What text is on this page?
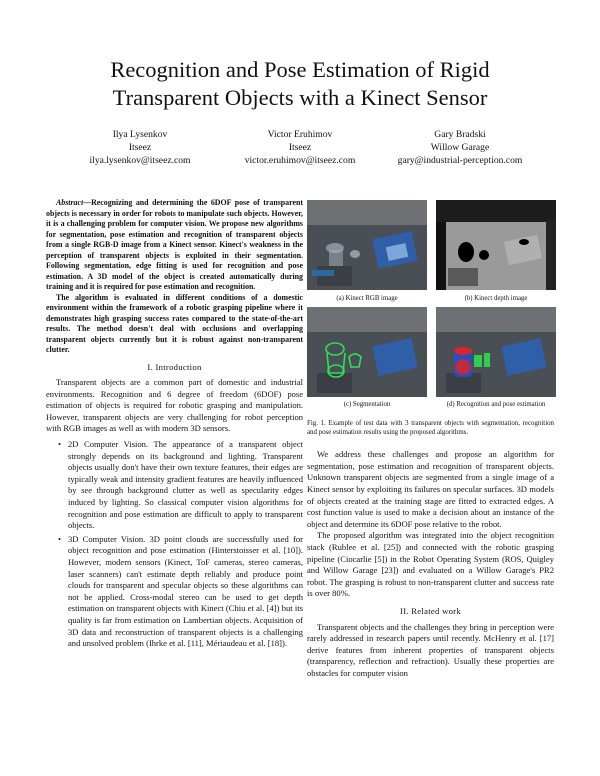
Recognition and Pose Estimation of Rigid
Transparent Objects with a Kinect Sensor
Ilya Lysenkov
Itseez
ilya.lysenkov@itseez.com
Victor Eruhimov
Itseez
victor.eruhimov@itseez.com
Gary Bradski
Willow Garage
gary@industrial-perception.com

Abstract—Recognizing and determining the 6DOF pose of transparent objects is necessary in order for robots to manipulate such objects. However, it is a challenging problem for computer vision. We propose new algorithms for segmentation, pose estimation and recognition of transparent objects from a single RGB-D image from a Kinect sensor. Kinect's weakness in the perception of transparent objects is exploited in their segmentation. Following segmentation, edge fitting is used for recognition and pose estimation. A 3D model of the object is created automatically during training and it is required for pose estimation and recognition.

The algorithm is evaluated in different conditions of a domestic environment within the framework of a robotic grasping pipeline where it demonstrates high grasping success rates compared to the state-of-the-art results. The method doesn't deal with occlusions and overlapping transparent objects currently but it is robust against non-transparent clutter.

I. Introduction

Transparent objects are a common part of domestic and industrial environments. Recognition and 6 degree of freedom (6DOF) pose estimation of objects is required for robotic grasping and manipulation. However, transparent objects are very challenging for robot perception with RGB images as well as with modern 3D sensors.

• 2D Computer Vision. The appearance of a transparent object strongly depends on its background and lighting. Transparent objects usually don't have their own texture features, their edges are typically weak and intensity gradient features are heavily influenced by see through background clutter as well as specularity edges induced by lighting. So classical computer vision algorithms for recognition and pose estimation are difficult to apply to transparent objects.
• 3D Computer Vision. 3D point clouds are successfully used for object recognition and pose estimation (Hinterstoisser et al. [10]). However, modern sensors (Kinect, ToF cameras, stereo cameras, laser scanners) can't estimate depth reliably and produce point clouds for transparent and specular objects so these algorithms can not be applied. Cross-modal stereo can be used to get depth estimation on transparent objects with Kinect (Chiu et al. [4]) but its quality is far from estimation on Lambertian objects. Acquisition of 3D data and reconstruction of transparent objects is a challenging and unsolved problem (Ihrke et al. [11], Mériaudeau et al. [18]).
(a) Kinect RGB image	(b) Kinect depth image
(c) Segmentation	(d) Recognition and pose estimation

Fig. 1. Example of test data with 3 transparent objects with segmentation, recognition and pose estimation results using the proposed algorithms.

We address these challenges and propose an algorithm for segmentation, pose estimation and recognition of transparent objects. Unknown transparent objects are segmented from a single image of a Kinect sensor by exploiting its failures on specular surfaces. 3D models of objects created at the training stage are fitted to extracted edges. A cost function value is used to make a decision about an instance of the object and determine its 6DOF pose relative to the robot.

The proposed algorithm was integrated into the object recognition stack (Rublee et al. [25]) and connected with the robotic grasping pipeline (Ciocarlie [5]) in the Robot Operating System (ROS, Quigley and Willow Garage [23]) and evaluated on a Willow Garage's PR2 robot. The grasping is robust to non-transparent clutter and success rate is over 80%.

II. Related work

Transparent objects and the challenges they bring in perception were rarely addressed in research papers until recently. McHenry et al. [17] derive features from inherent properties of transparent objects (transparency, reflection and refraction). Usually these properties are obstacles for computer vision
